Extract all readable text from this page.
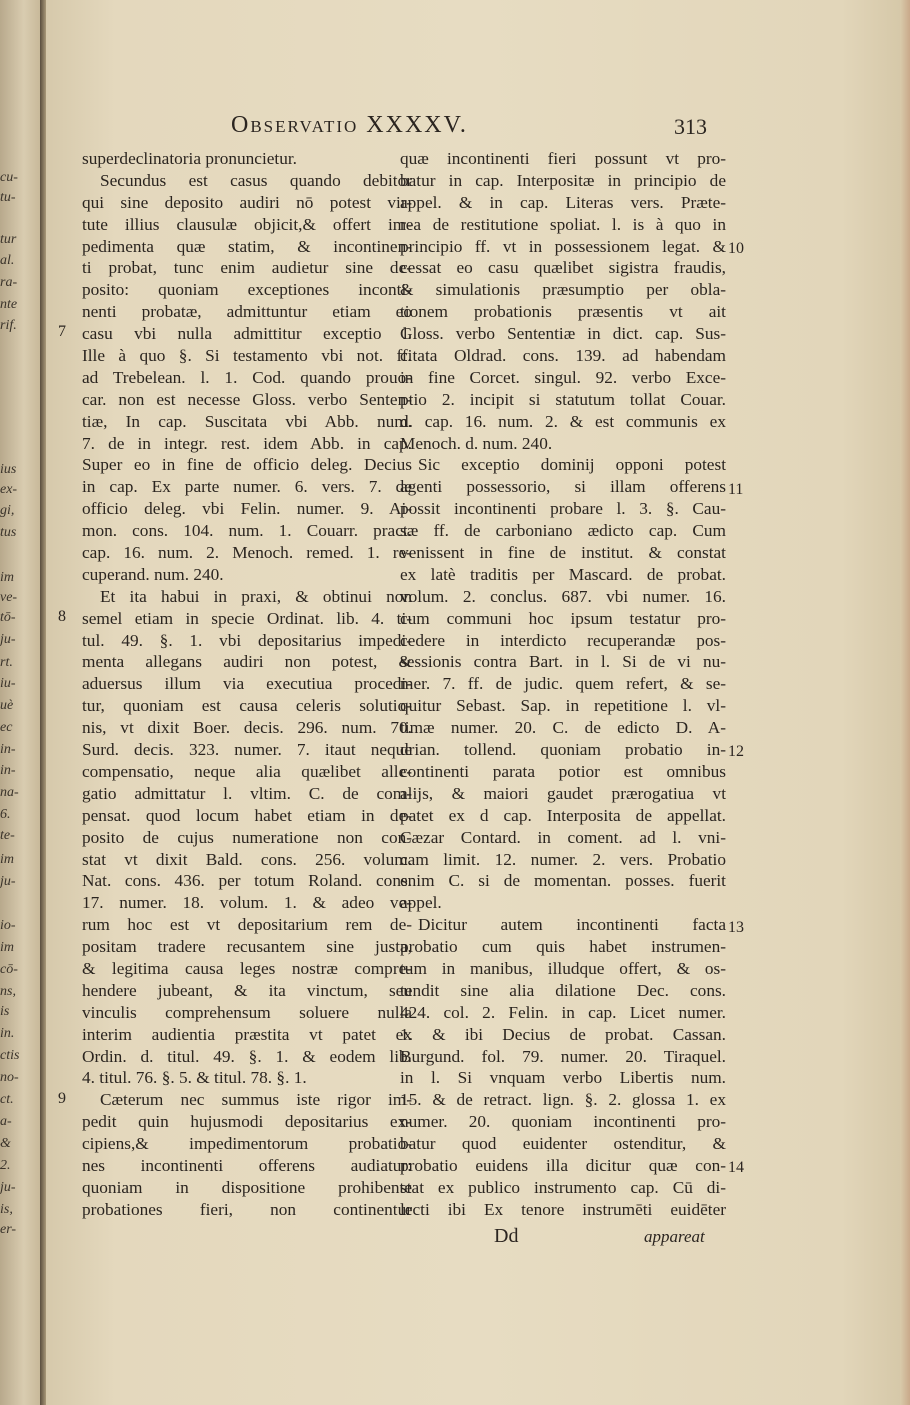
cu-
tu-
tur
al.
ra-
nte
rif.
ius
ex-
gi,
tus
im
ve-
tō-
ju-
rt.
iu-
uè
ec
in-
in-
na-
6.
te-
im
ju-
io-
im
cō-
ns,
is
in.
ctis
no-
ct.
a-
&
2.
ju-
is,
er-
Observatio XXXXV.	313
superdeclinatoria pronuncietur.
Secundus est casus quando debitor
qui sine deposito audiri nō potest vir-
tute illius clausulæ objicit,& offert im-
pedimenta quæ statim, & incontinen-
ti probat, tunc enim audietur sine de-
posito: quoniam exceptiones inconti-
nenti probatæ, admittuntur etiam eo
casu vbi nulla admittitur exceptio l.
Ille à quo §. Si testamento vbi not. ff.
ad Trebelean. l. 1. Cod. quando prouo-
car. non est necesse Gloss. verbo Senten-
tiæ, In cap. Suscitata vbi Abb. num.
7. de in integr. rest. idem Abb. in cap.
Super eo in fine de officio deleg. Decius
in cap. Ex parte numer. 6. vers. 7. de
officio deleg. vbi Felin. numer. 9. Ai-
mon. cons. 104. num. 1. Couarr. pract.
cap. 16. num. 2. Menoch. remed. 1. re-
cuperand. num. 240.
Et ita habui in praxi, & obtinui non
semel etiam in specie Ordinat. lib. 4. ti-
tul. 49. §. 1. vbi depositarius impedi-
menta allegans audiri non potest, &
aduersus illum via executiua procedi-
tur, quoniam est causa celeris solutio-
nis, vt dixit Boer. decis. 296. num. 70.
Surd. decis. 323. numer. 7. itaut neque
compensatio, neque alia quælibet alle-
gatio admittatur l. vltim. C. de com-
pensat. quod locum habet etiam in de-
posito de cujus numeratione non con-
stat vt dixit Bald. cons. 256. volum.
Nat. cons. 436. per totum Roland. cons.
17. numer. 18. volum. 1. & adeo ve-
rum hoc est vt depositarium rem de-
positam tradere recusantem sine justa,
& legitima causa leges nostræ compre-
hendere jubeant, & ita vinctum, seu
vinculis comprehensum soluere nulla
interim audientia præstita vt patet ex
Ordin. d. titul. 49. §. 1. & eodem lib.
4. titul. 76. §. 5. & titul. 78. §. 1.
Cæterum nec summus iste rigor im-
pedit quin hujusmodi depositarius ex-
cipiens,& impedimentorum probatio-
nes incontinenti offerens audiatur:
quoniam in dispositione prohibente
probationes fieri, non continentur
quæ incontinenti fieri possunt vt pro-
batur in cap. Interpositæ in principio de
appel. & in cap. Literas vers. Præte-
rea de restitutione spoliat. l. is à quo in
principio ff. vt in possessionem legat. &
cessat eo casu quælibet sigistra fraudis,
& simulationis præsumptio per obla-
tionem probationis præsentis vt ait
Gloss. verbo Sententiæ in dict. cap. Sus-
citata Oldrad. cons. 139. ad habendam
in fine Corcet. singul. 92. verbo Exce-
ptio 2. incipit si statutum tollat Couar.
d. cap. 16. num. 2. & est communis ex
Menoch. d. num. 240.
Sic exceptio dominij opponi potest
agenti possessorio, si illam offerens
possit incontinenti probare l. 3. §. Cau-
sæ ff. de carboniano ædicto cap. Cum
venissent in fine de institut. & constat
ex latè traditis per Mascard. de probat.
volum. 2. conclus. 687. vbi numer. 16.
cum communi hoc ipsum testatur pro-
cedere in interdicto recuperandæ pos-
sessionis contra Bart. in l. Si de vi nu-
mer. 7. ff. de judic. quem refert, & se-
quitur Sebast. Sap. in repetitione l. vl-
timæ numer. 20. C. de edicto D. A-
drian. tollend. quoniam probatio in-
continenti parata potior est omnibus
alijs, & maiori gaudet prærogatiua vt
patet ex d cap. Interposita de appellat.
Cæzar Contard. in coment. ad l. vni-
cam limit. 12. numer. 2. vers. Probatio
enim C. si de momentan. posses. fuerit
appel.
Dicitur autem incontinenti facta
probatio cum quis habet instrumen-
tum in manibus, illudque offert, & os-
tendit sine alia dilatione Dec. cons.
424. col. 2. Felin. in cap. Licet numer.
1. & ibi Decius de probat. Cassan.
Burgund. fol. 79. numer. 20. Tiraquel.
in l. Si vnquam verbo Libertis num.
15. & de retract. lign. §. 2. glossa 1. ex
numer. 20. quoniam incontinenti pro-
batur quod euidenter ostenditur, &
probatio euidens illa dicitur quæ con-
stat ex publico instrumento cap. Cū di-
lecti ibi Ex tenore instrumēti euidēter
7
8
9
10
11
12
13
14
Dd	appareat
